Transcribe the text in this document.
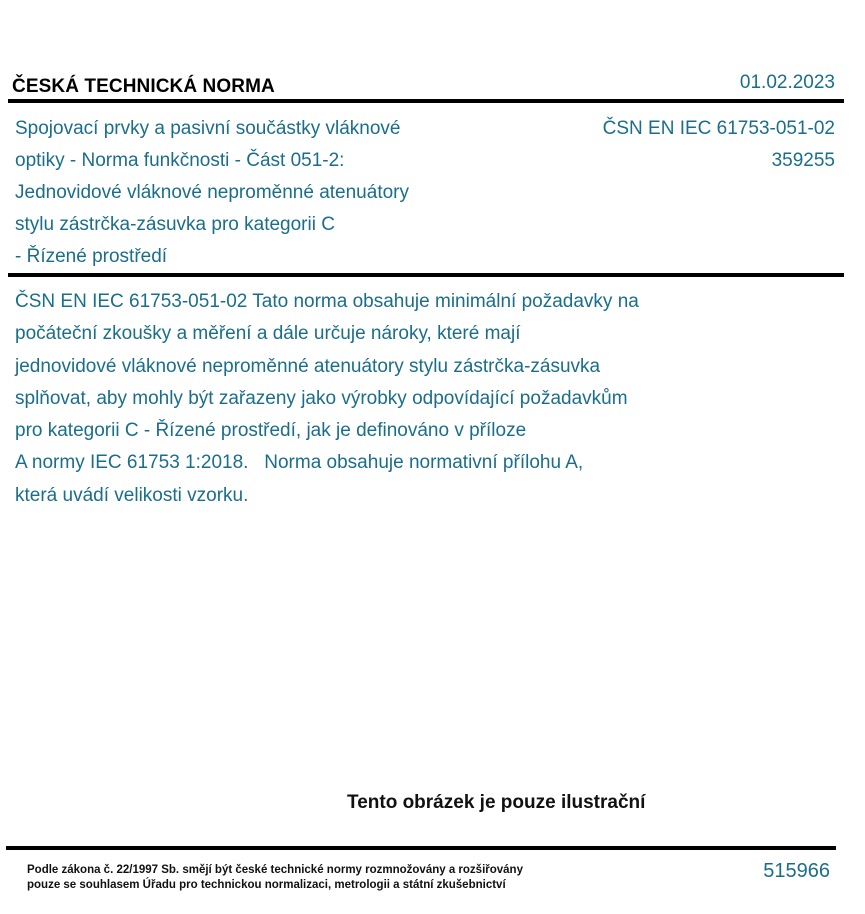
ČESKÁ TECHNICKÁ NORMA	01.02.2023
Spojovací prvky a pasivní součástky vláknové
optiky - Norma funkčnosti - Část 051-2:
Jednovidové vláknové neproměnné atenuátory
stylu zástrčka-zásuvka pro kategorii C
- Řízené prostředí
ČSN EN IEC 61753-051-02
359255
ČSN EN IEC 61753-051-02 Tato norma obsahuje minimální požadavky na
počáteční zkoušky a měření a dále určuje nároky, které mají
jednovidové vláknové neproměnné atenuátory stylu zástrčka-zásuvka
splňovat, aby mohly být zařazeny jako výrobky odpovídající požadavkům
pro kategorii C - Řízené prostředí, jak je definováno v příloze
A normy IEC 61753 1:2018.   Norma obsahuje normativní přílohu A,
která uvádí velikosti vzorku.
Tento obrázek je pouze ilustrační
Podle zákona č. 22/1997 Sb. smějí být české technické normy rozmnožovány a rozšiřovány
pouze se souhlasem Úřadu pro technickou normalizaci, metrologii a státní zkušebnictví
515966
